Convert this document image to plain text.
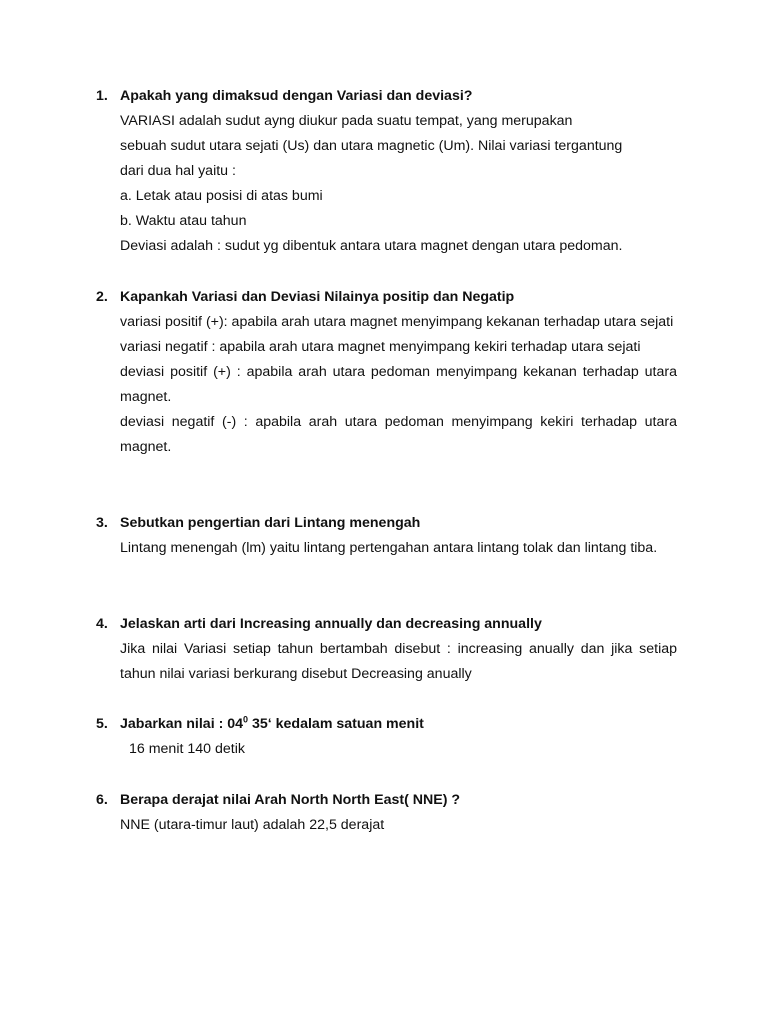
1. Apakah yang dimaksud dengan Variasi dan deviasi?

VARIASI adalah sudut ayng diukur pada suatu tempat, yang merupakan

sebuah sudut utara sejati (Us) dan utara magnetic (Um). Nilai variasi tergantung

dari dua hal yaitu :

a. Letak atau posisi di atas bumi

b. Waktu atau tahun

Deviasi adalah : sudut yg dibentuk antara utara magnet dengan utara pedoman.

2. Kapankah Variasi dan Deviasi Nilainya positip dan Negatip

variasi positif (+): apabila arah utara magnet menyimpang kekanan terhadap utara sejati

variasi negatif : apabila arah utara magnet menyimpang kekiri terhadap utara sejati

deviasi positif (+) : apabila arah utara pedoman menyimpang kekanan terhadap utara magnet.

deviasi negatif (-) : apabila arah utara pedoman menyimpang kekiri terhadap utara magnet.

3. Sebutkan pengertian dari Lintang menengah

Lintang menengah (lm) yaitu lintang pertengahan antara lintang tolak dan lintang tiba.

4. Jelaskan arti dari Increasing annually dan decreasing annually

Jika nilai Variasi setiap tahun bertambah disebut : increasing anually dan jika setiap tahun nilai variasi berkurang disebut Decreasing anually

5. Jabarkan nilai : $04^0$ 35‘ kedalam satuan menit

16 menit 140 detik

6. Berapa derajat nilai Arah North North East( NNE) ?

NNE (utara-timur laut) adalah 22,5 derajat
